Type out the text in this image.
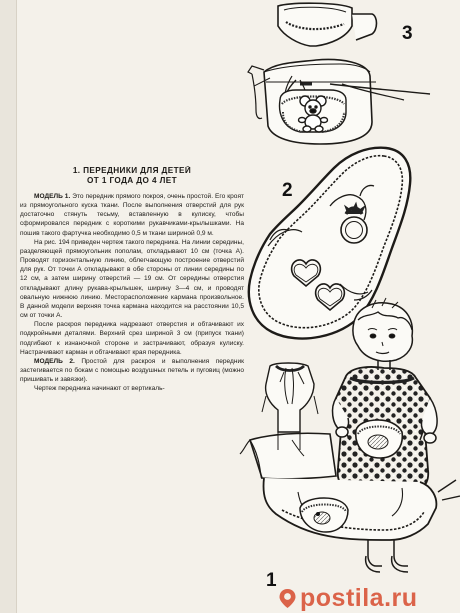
3
2
1
1. ПЕРЕДНИКИ ДЛЯ ДЕТЕЙ
ОТ 1 ГОДА ДО 4 ЛЕТ

МОДЕЛЬ 1. Это передник прямого покроя, очень простой. Его кроят из прямоугольного куска ткани. После выполнения отверстий для рук достаточно стянуть тесьму, вставленную в кулиску, чтобы сформировался передник с короткими рукавчиками-крылышками. На пошив такого фартучка необходимо 0,5 м ткани шириной 0,9 м.

На рис. 194 приведен чертеж такого передника. На линии середины, разделяющей прямоугольник пополам, откладывают 10 см (точка А). Проводят горизонтальную линию, облегчающую построение отверстий для рук. От точки А откладывают в обе стороны от линии середины по 12 см, а затем ширину отверстий — 19 см. От середины отверстия откладывают длину рукава-крылышек, ширину 3—4 см, и проводят овальную нижнюю линию. Месторасположение кармана произвольное. В данной модели верхняя точка кармана находится на расстоянии 10,5 см от точки А.

После раскроя передника надрезают отверстия и обтачивают их подкройными деталями. Верхний срез шириной 3 см (припуск ткани) подгибают к изнаночной стороне и застрачивают, образуя кулиску. Настрачивают карман и обтачивают края передника.

МОДЕЛЬ 2. Простой для раскроя и выполнения передник застегивается по бокам с помощью воздушных петель и пуговиц (можно пришивать и завязки).

Чертеж передника начинают от вертикаль-

postila.ru
